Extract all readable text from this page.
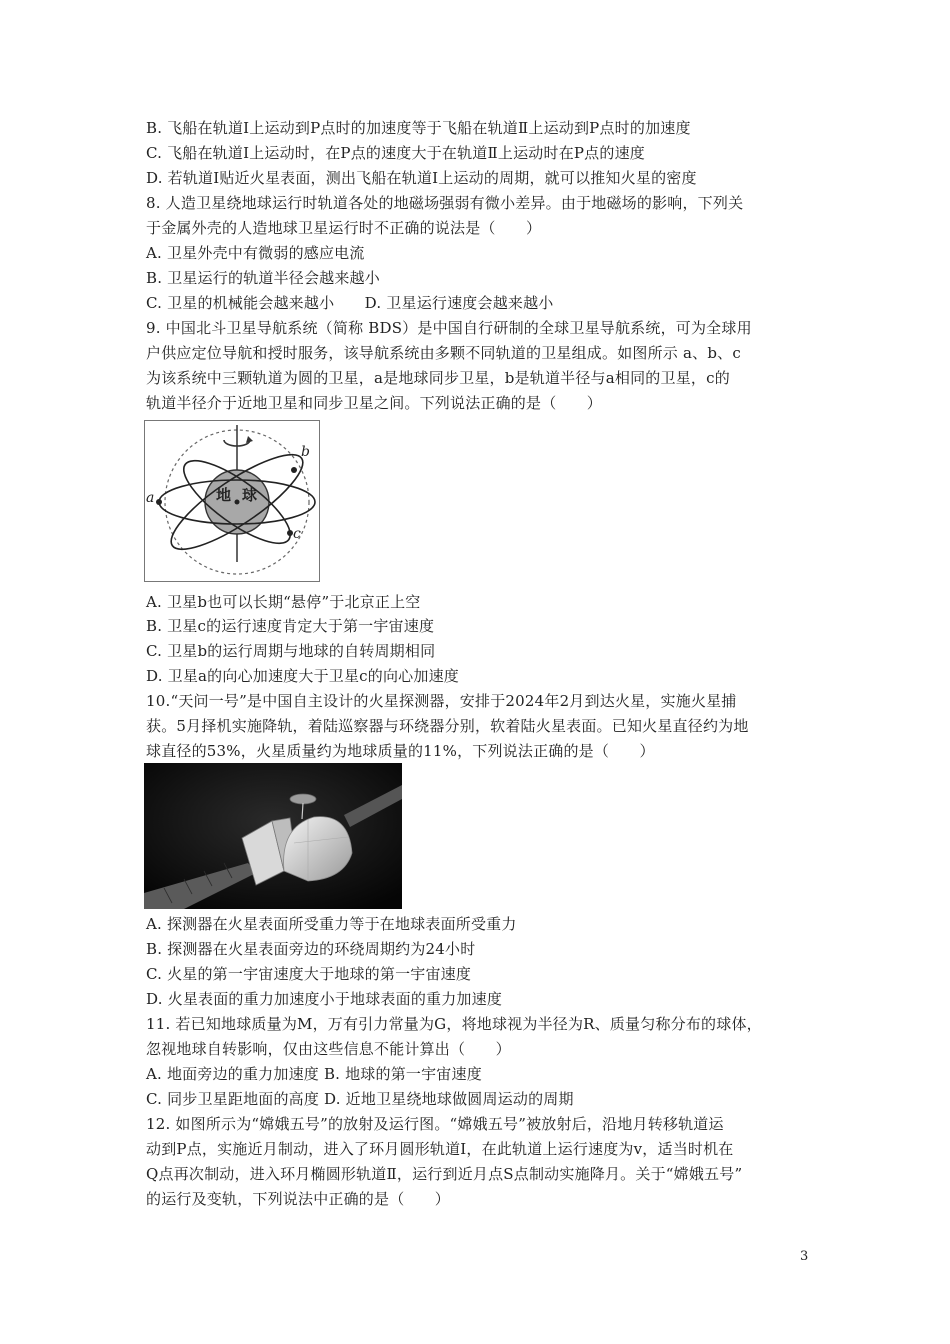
B. 飞船在轨道Ⅰ上运动到P点时的加速度等于飞船在轨道Ⅱ上运动到P点时的加速度
C. 飞船在轨道Ⅰ上运动时，在P点的速度大于在轨道Ⅱ上运动时在P点的速度
D. 若轨道Ⅰ贴近火星表面，测出飞船在轨道Ⅰ上运动的周期，就可以推知火星的密度
8. 人造卫星绕地球运行时轨道各处的地磁场强弱有微小差异。由于地磁场的影响，下列关
于金属外壳的人造地球卫星运行时不正确的说法是（　　）
A. 卫星外壳中有微弱的感应电流
B. 卫星运行的轨道半径会越来越小
C. 卫星的机械能会越来越小　　D. 卫星运行速度会越来越小
9. 中国北斗卫星导航系统（简称 BDS）是中国自行研制的全球卫星导航系统，可为全球用
户供应定位导航和授时服务，该导航系统由多颗不同轨道的卫星组成。如图所示 a、b、c
为该系统中三颗轨道为圆的卫星，a是地球同步卫星，b是轨道半径与a相同的卫星，c的
轨道半径介于近地卫星和同步卫星之间。下列说法正确的是（　　）
地 球
a
b
c
A. 卫星b也可以长期“悬停”于北京正上空
B. 卫星c的运行速度肯定大于第一宇宙速度
C. 卫星b的运行周期与地球的自转周期相同
D. 卫星a的向心加速度大于卫星c的向心加速度
10.“天问一号”是中国自主设计的火星探测器，安排于2024年2月到达火星，实施火星捕
获。5月择机实施降轨，着陆巡察器与环绕器分别，软着陆火星表面。已知火星直径约为地
球直径的53%，火星质量约为地球质量的11%，下列说法正确的是（　　）
A. 探测器在火星表面所受重力等于在地球表面所受重力
B. 探测器在火星表面旁边的环绕周期约为24小时
C. 火星的第一宇宙速度大于地球的第一宇宙速度
D. 火星表面的重力加速度小于地球表面的重力加速度
11. 若已知地球质量为M，万有引力常量为G，将地球视为半径为R、质量匀称分布的球体，
忽视地球自转影响，仅由这些信息不能计算出（　　）
A. 地面旁边的重力加速度 B. 地球的第一宇宙速度
C. 同步卫星距地面的高度 D. 近地卫星绕地球做圆周运动的周期
12. 如图所示为“嫦娥五号”的放射及运行图。“嫦娥五号”被放射后，沿地月转移轨道运
动到P点，实施近月制动，进入了环月圆形轨道Ⅰ，在此轨道上运行速度为v，适当时机在
Q点再次制动，进入环月椭圆形轨道Ⅱ，运行到近月点S点制动实施降月。关于“嫦娥五号”
的运行及变轨，下列说法中正确的是（　　）
3
